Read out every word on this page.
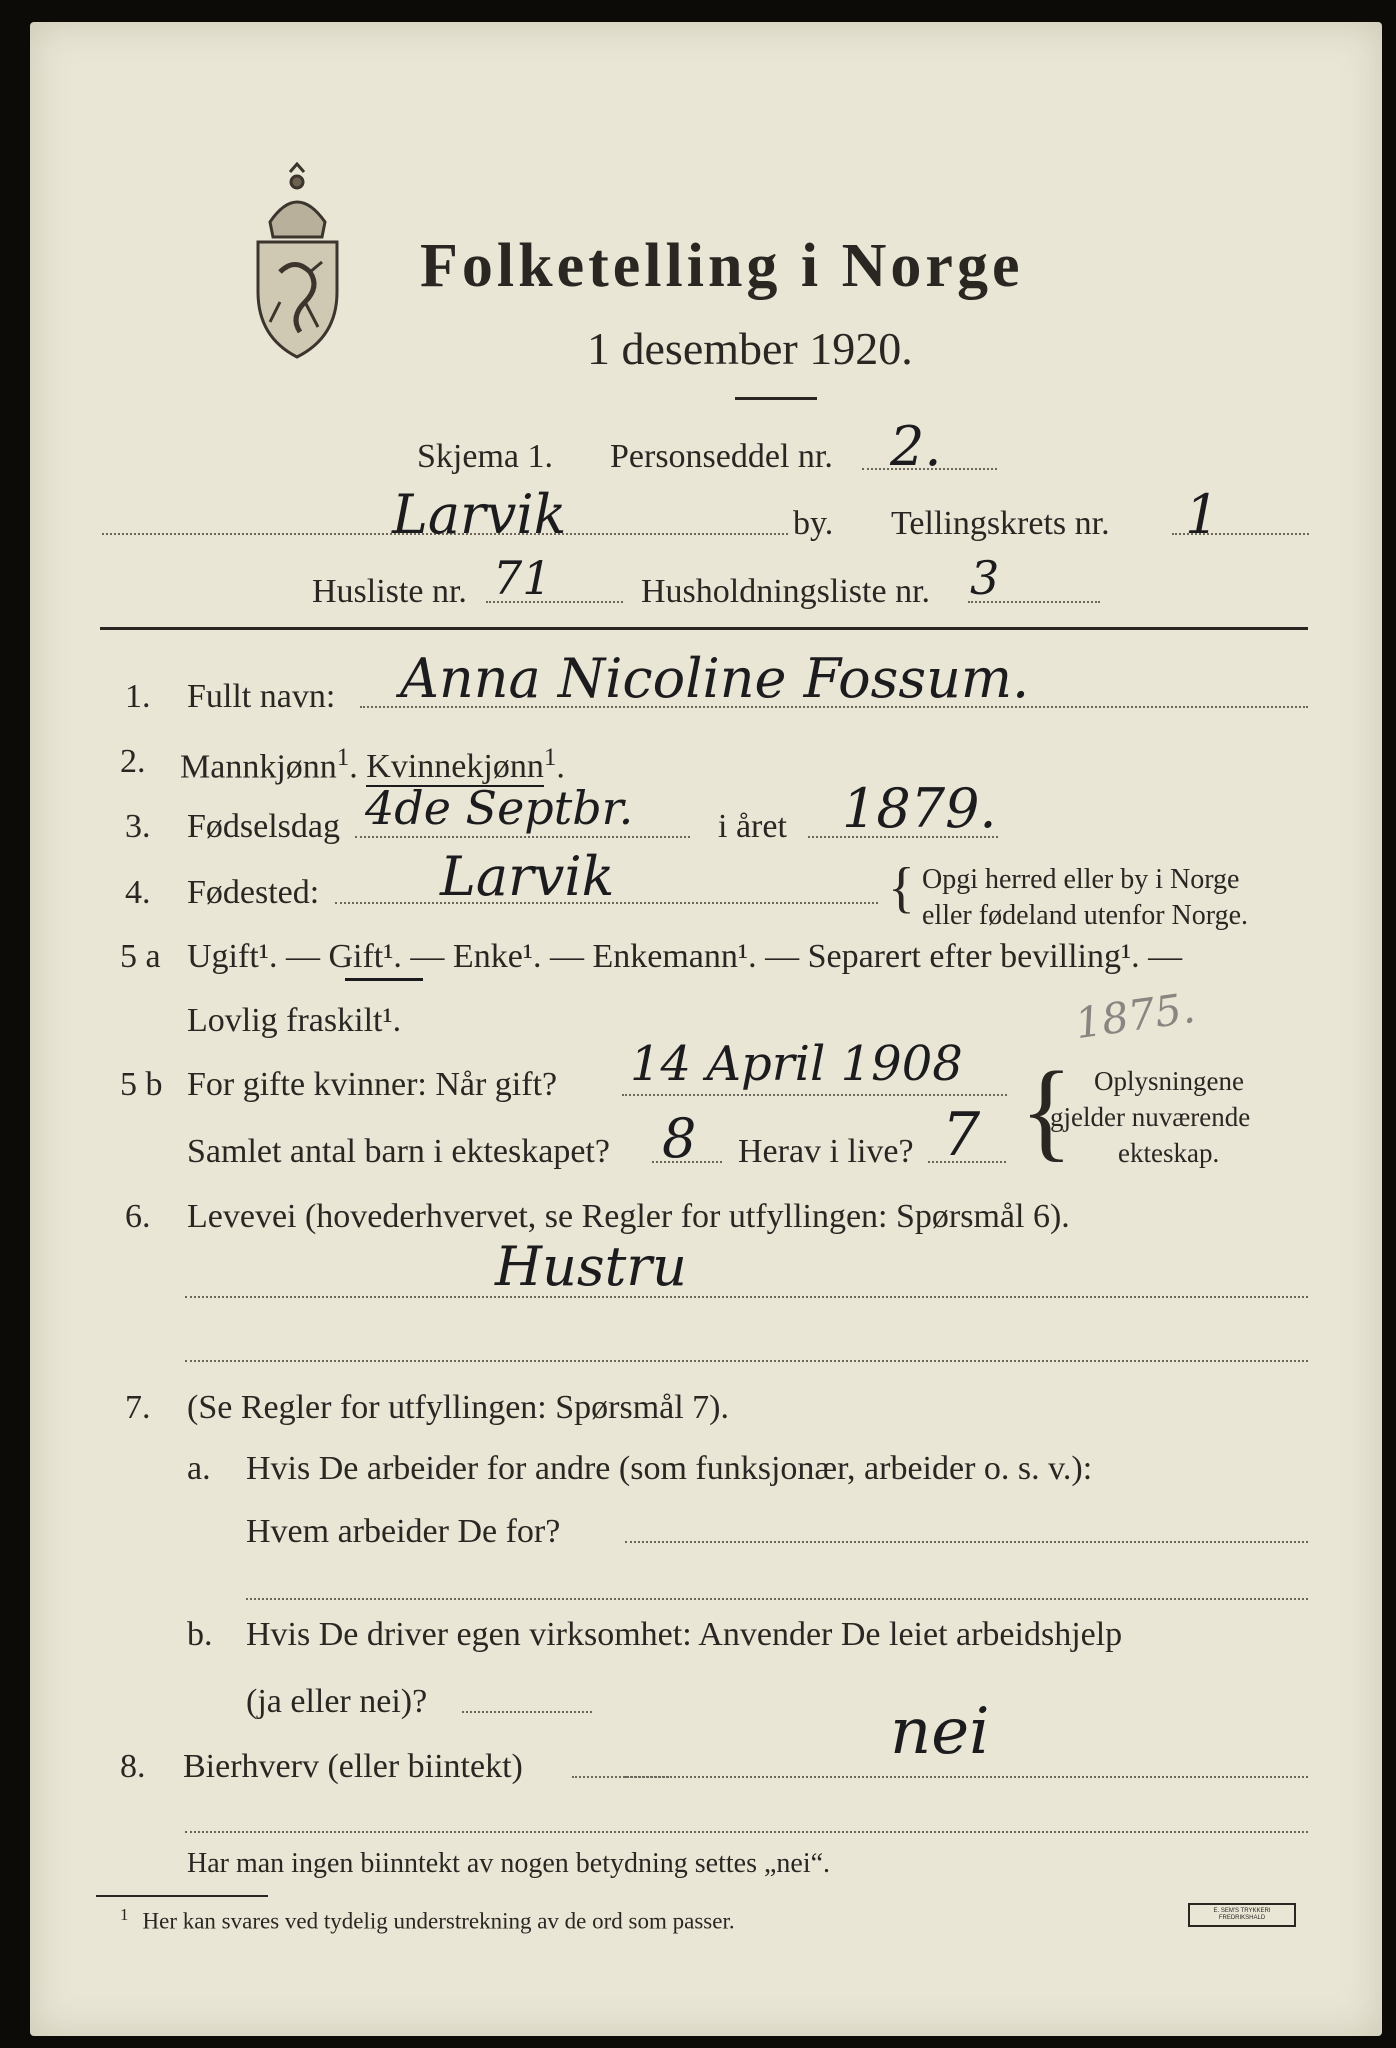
Folketelling i Norge
1 desember 1920.
Skjema 1. Personseddel nr. 2.
Larvik	by. Tellingskrets nr. 1
Husliste nr. 71	Husholdningsliste nr. 3
1. Fullt navn: Anna Nicoline Fossum.
2. Mannkjønn$^1$. Kvinnekjønn$^1$.
3. Fødselsdag 4de Septbr. i året 1879.
4. Fødested: Larvik	{ Opgi herred eller by i Norge
eller fødeland utenfor Norge.
5 a Ugift¹. — Gift¹. — Enke¹. — Enkemann¹. — Separert efter bevilling¹. —
Lovlig fraskilt¹.	1875.
5 b For gifte kvinner: Når gift? 14 April 1908
Samlet antal barn i ekteskapet? 8 Herav i live? 7 { Oplysningene
gjelder nuværende
ekteskap.
6. Levevei (hovederhvervet, se Regler for utfyllingen: Spørsmål 6).
Hustru
7. (Se Regler for utfyllingen: Spørsmål 7).
a. Hvis De arbeider for andre (som funksjonær, arbeider o. s. v.):
Hvem arbeider De for?
b. Hvis De driver egen virksomhet: Anvender De leiet arbeidshjelp
(ja eller nei)?
8. Bierhverv (eller biintekt)	nei
Har man ingen biinntekt av nogen betydning settes „nei“.
$^1$ Her kan svares ved tydelig understrekning av de ord som passer.	E. SEM'S TRYKKERI FREDRIKSHALD
